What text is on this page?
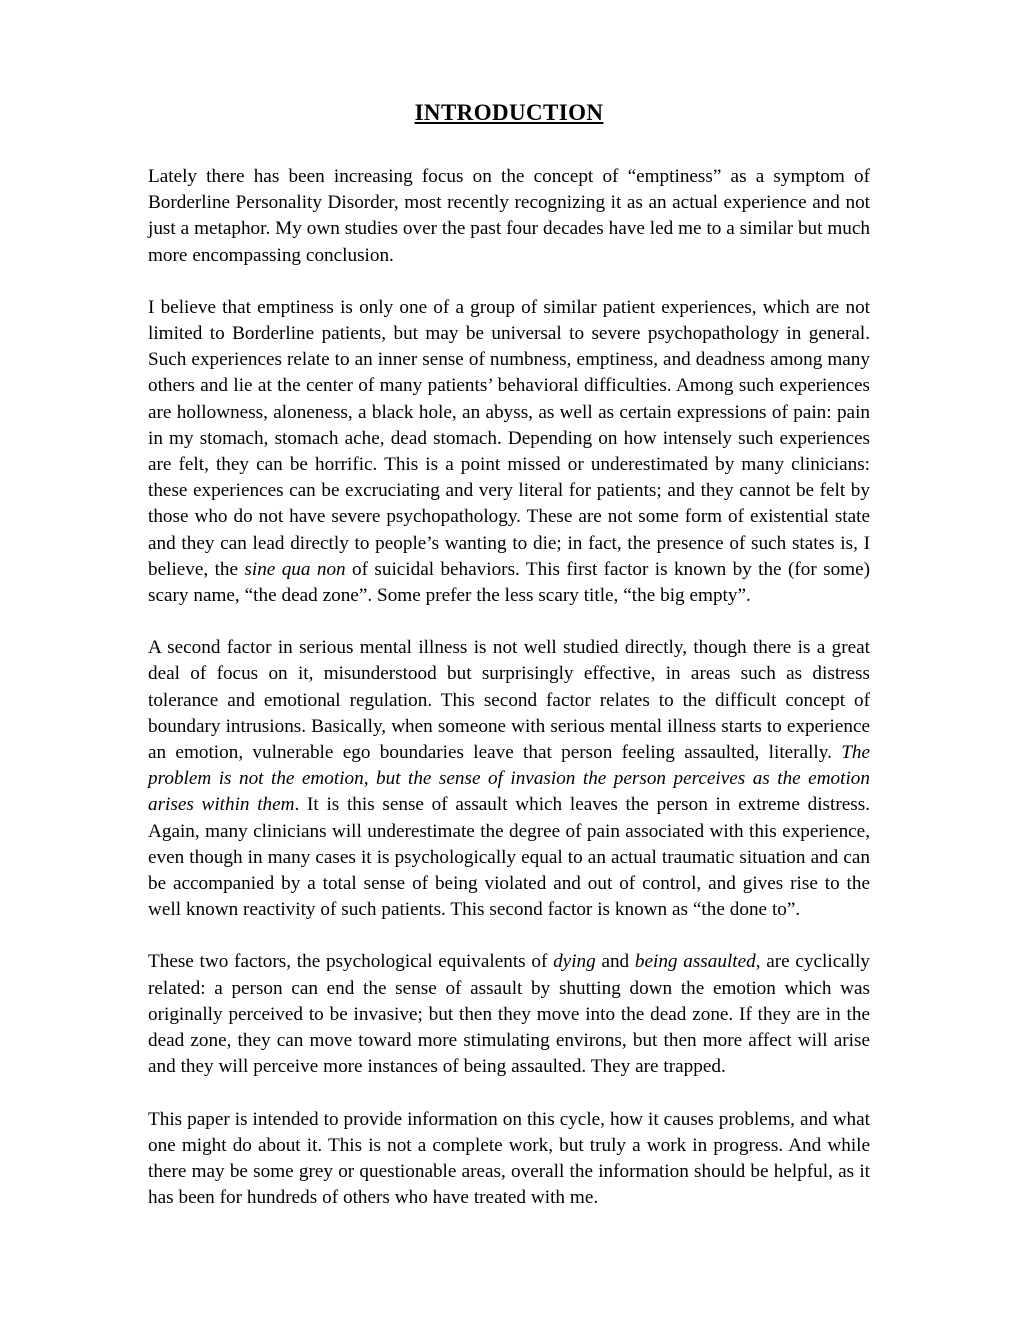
INTRODUCTION

Lately there has been increasing focus on the concept of “emptiness” as a symptom of Borderline Personality Disorder, most recently recognizing it as an actual experience and not just a metaphor. My own studies over the past four decades have led me to a similar but much more encompassing conclusion.

I believe that emptiness is only one of a group of similar patient experiences, which are not limited to Borderline patients, but may be universal to severe psychopathology in general. Such experiences relate to an inner sense of numbness, emptiness, and deadness among many others and lie at the center of many patients’ behavioral difficulties. Among such experiences are hollowness, aloneness, a black hole, an abyss, as well as certain expressions of pain: pain in my stomach, stomach ache, dead stomach. Depending on how intensely such experiences are felt, they can be horrific. This is a point missed or underestimated by many clinicians: these experiences can be excruciating and very literal for patients; and they cannot be felt by those who do not have severe psychopathology. These are not some form of existential state and they can lead directly to people’s wanting to die; in fact, the presence of such states is, I believe, the sine qua non of suicidal behaviors. This first factor is known by the (for some) scary name, “the dead zone”. Some prefer the less scary title, “the big empty”.

A second factor in serious mental illness is not well studied directly, though there is a great deal of focus on it, misunderstood but surprisingly effective, in areas such as distress tolerance and emotional regulation. This second factor relates to the difficult concept of boundary intrusions. Basically, when someone with serious mental illness starts to experience an emotion, vulnerable ego boundaries leave that person feeling assaulted, literally. The problem is not the emotion, but the sense of invasion the person perceives as the emotion arises within them. It is this sense of assault which leaves the person in extreme distress. Again, many clinicians will underestimate the degree of pain associated with this experience, even though in many cases it is psychologically equal to an actual traumatic situation and can be accompanied by a total sense of being violated and out of control, and gives rise to the well known reactivity of such patients. This second factor is known as “the done to”.

These two factors, the psychological equivalents of dying and being assaulted, are cyclically related: a person can end the sense of assault by shutting down the emotion which was originally perceived to be invasive; but then they move into the dead zone. If they are in the dead zone, they can move toward more stimulating environs, but then more affect will arise and they will perceive more instances of being assaulted. They are trapped.

This paper is intended to provide information on this cycle, how it causes problems, and what one might do about it. This is not a complete work, but truly a work in progress. And while there may be some grey or questionable areas, overall the information should be helpful, as it has been for hundreds of others who have treated with me.
